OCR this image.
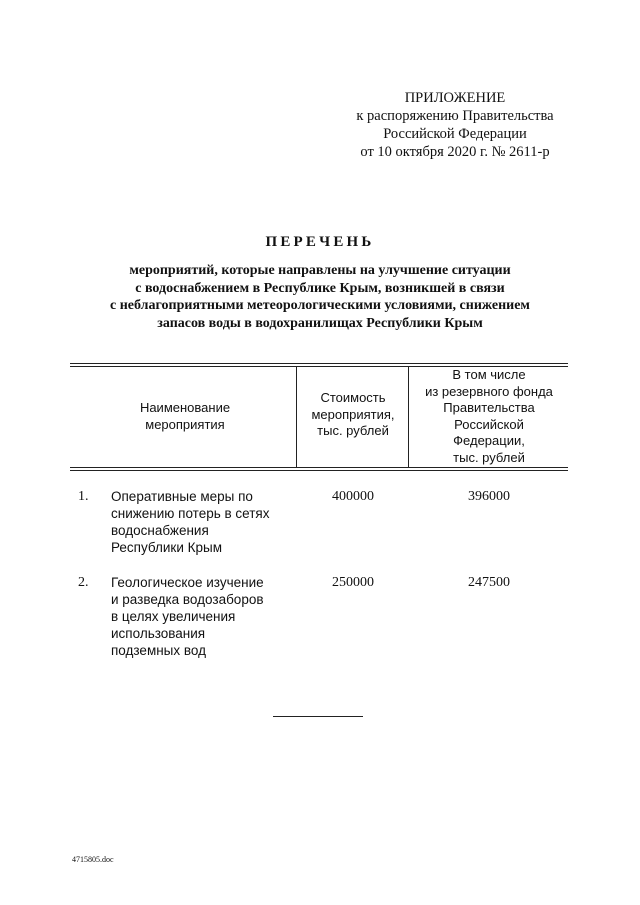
ПРИЛОЖЕНИЕ
к распоряжению Правительства
Российской Федерации
от 10 октября 2020 г. № 2611-р
ПЕРЕЧЕНЬ
мероприятий, которые направлены на улучшение ситуации
с водоснабжением в Республике Крым, возникшей в связи
с неблагоприятными метеорологическими условиями, снижением
запасов воды в водохранилищах Республики Крым
Наименование
мероприятия
Стоимость
мероприятия,
тыс. рублей
В том числе
из резервного фонда
Правительства
Российской
Федерации,
тыс. рублей
1. Оперативные меры по
снижению потерь в сетях
водоснабжения
Республики Крым
400000	396000
2. Геологическое изучение
и разведка водозаборов
в целях увеличения
использования
подземных вод
250000	247500
4715805.doc
